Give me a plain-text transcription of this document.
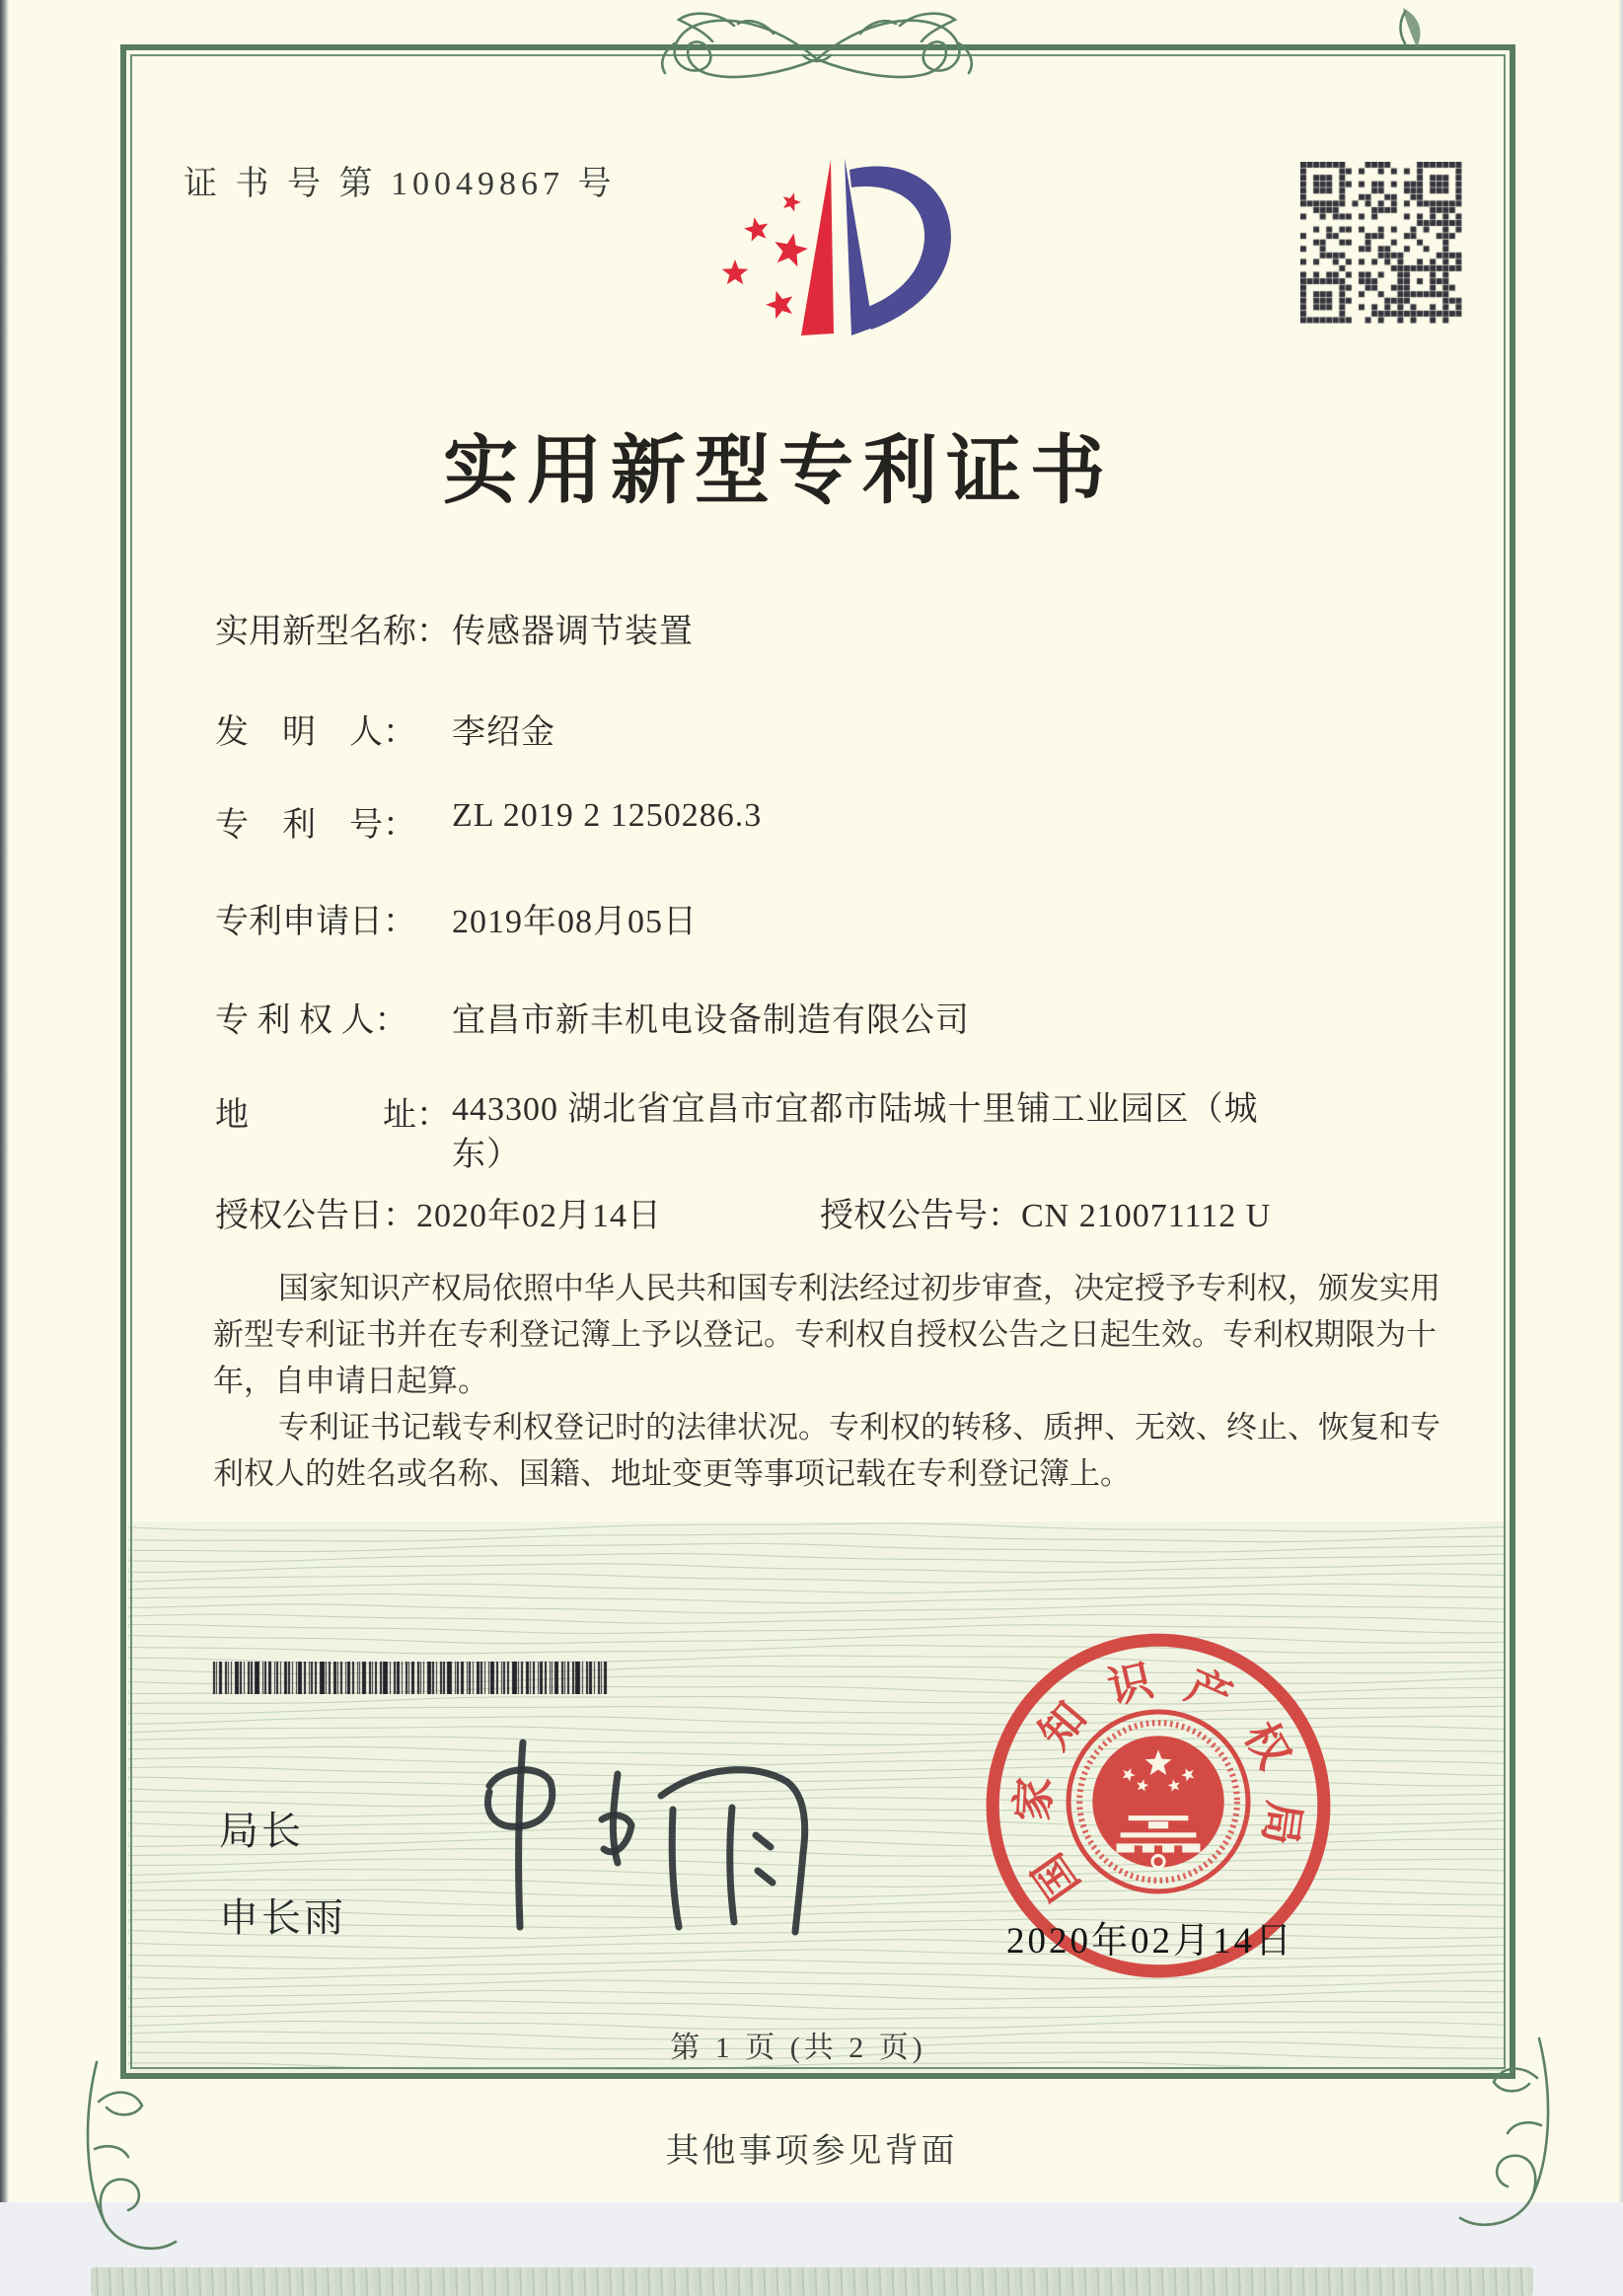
证 书 号 第 10049867 号
实用新型专利证书
实用新型名称：传感器调节装置
发　明　人： 李绍金
专　利　号： ZL 2019 2 1250286.3
专利申请日： 2019年08月05日
专 利 权 人： 宜昌市新丰机电设备制造有限公司
地　　　　址：443300 湖北省宜昌市宜都市陆城十里铺工业园区（城东）
授权公告日：2020年02月14日	授权公告号：CN 210071112 U

国家知识产权局依照中华人民共和国专利法经过初步审查，决定授予专利权，颁发实用新型专利证书并在专利登记簿上予以登记。专利权自授权公告之日起生效。专利权期限为十年，自申请日起算。

专利证书记载专利权登记时的法律状况。专利权的转移、质押、无效、终止、恢复和专利权人的姓名或名称、国籍、地址变更等事项记载在专利登记簿上。

局长
申长雨
国
家
知
识 产
权
局
2020年02月14日
第 1 页 (共 2 页)
其他事项参见背面
